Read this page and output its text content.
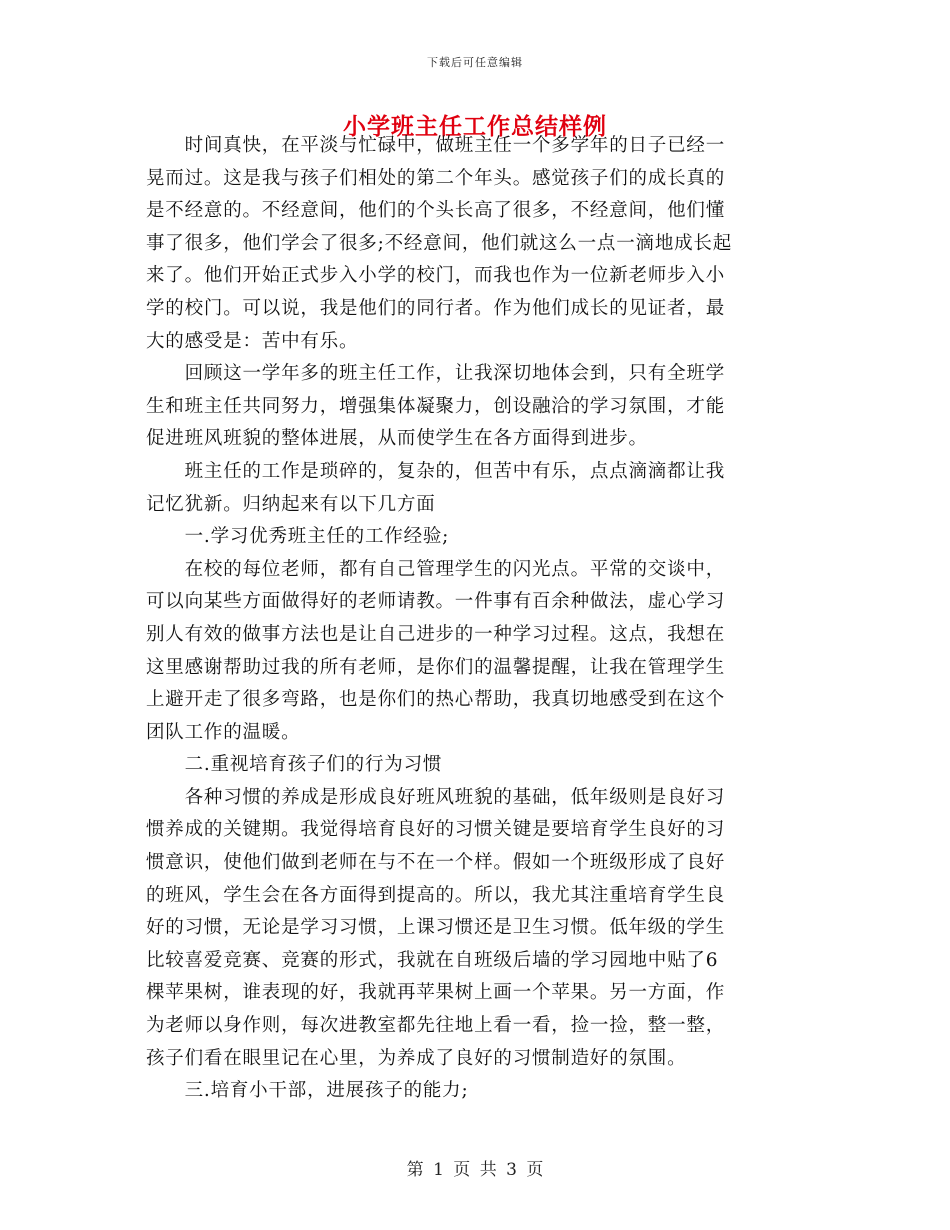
下载后可任意编辑
小学班主任工作总结样例
　　时间真快，在平淡与忙碌中，做班主任一个多学年的日子已经一
晃而过。这是我与孩子们相处的第二个年头。感觉孩子们的成长真的
是不经意的。不经意间，他们的个头长高了很多，不经意间，他们懂
事了很多，他们学会了很多;不经意间，他们就这么一点一滴地成长起
来了。他们开始正式步入小学的校门，而我也作为一位新老师步入小
学的校门。可以说，我是他们的同行者。作为他们成长的见证者，最
大的感受是：苦中有乐。
　　回顾这一学年多的班主任工作，让我深切地体会到，只有全班学
生和班主任共同努力，增强集体凝聚力，创设融洽的学习氛围，才能
促进班风班貌的整体进展，从而使学生在各方面得到进步。
　　班主任的工作是琐碎的，复杂的，但苦中有乐，点点滴滴都让我
记忆犹新。归纳起来有以下几方面
　　一.学习优秀班主任的工作经验;
　　在校的每位老师，都有自己管理学生的闪光点。平常的交谈中，
可以向某些方面做得好的老师请教。一件事有百余种做法，虚心学习
别人有效的做事方法也是让自己进步的一种学习过程。这点，我想在
这里感谢帮助过我的所有老师，是你们的温馨提醒，让我在管理学生
上避开走了很多弯路，也是你们的热心帮助，我真切地感受到在这个
团队工作的温暖。
　　二.重视培育孩子们的行为习惯
　　各种习惯的养成是形成良好班风班貌的基础，低年级则是良好习
惯养成的关键期。我觉得培育良好的习惯关键是要培育学生良好的习
惯意识，使他们做到老师在与不在一个样。假如一个班级形成了良好
的班风，学生会在各方面得到提高的。所以，我尤其注重培育学生良
好的习惯，无论是学习习惯，上课习惯还是卫生习惯。低年级的学生
比较喜爱竞赛、竞赛的形式，我就在自班级后墙的学习园地中贴了6
棵苹果树，谁表现的好，我就再苹果树上画一个苹果。另一方面，作
为老师以身作则，每次进教室都先往地上看一看，捡一捡，整一整，
孩子们看在眼里记在心里，为养成了良好的习惯制造好的氛围。
　　三.培育小干部，进展孩子的能力;
第 1 页 共 3 页
